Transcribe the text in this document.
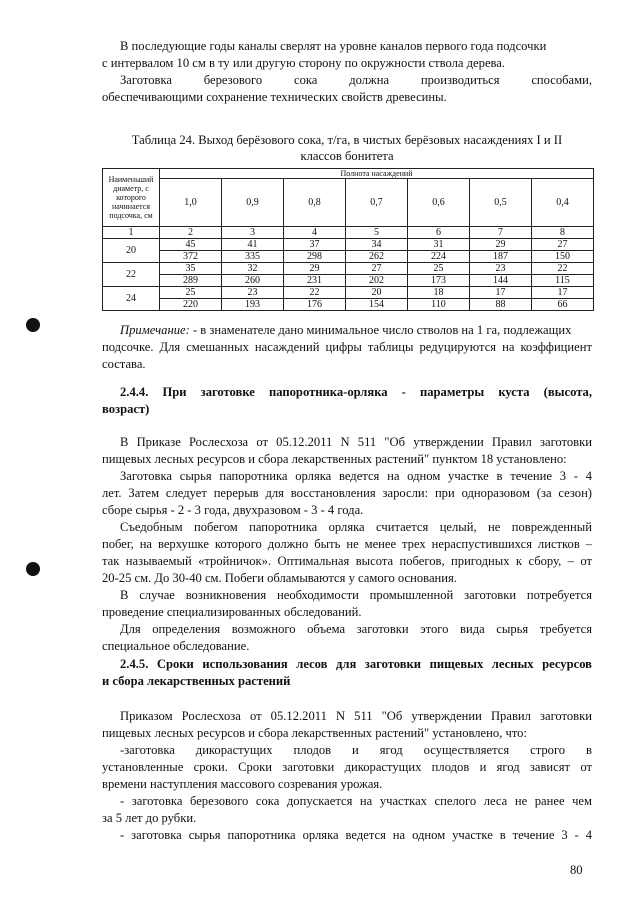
В последующие годы каналы сверлят на уровне каналов первого года подсочки

с интервалом 10 см в ту или другую сторону по окружности ствола дерева.

Заготовка березового сока должна производиться способами,

обеспечивающими сохранение технических свойств древесины.

Таблица 24. Выход берёзового сока, т/га, в чистых берёзовых насаждениях I и II
классов бонитета
Наименьший диаметр, с которого начинается подсочка, см	Полнота насаждений						
	1,0	0,9	0,8	0,7	0,6	0,5	0,4
1	2	3	4	5	6	7	8
20	45	41	37	34	31	29	27
	372	335	298	262	224	187	150
22	35	32	29	27	25	23	22
	289	260	231	202	173	144	115
24	25	23	22	20	18	17	17
	220	193	176	154	110	88	66

Примечание: - в знаменателе дано минимальное число стволов на 1 га, подлежащих

подсочке. Для смешанных насаждений цифры таблицы редуцируются на коэффициент

состава.

2.4.4. При заготовке папоротника-орляка - параметры куста (высота,

возраст)

В Приказе Рослесхоза от 05.12.2011 N 511 "Об утверждении Правил заготовки

пищевых лесных ресурсов и сбора лекарственных растений" пунктом 18 установлено:

Заготовка сырья папоротника орляка ведется на одном участке в течение 3 - 4

лет. Затем следует перерыв для восстановления заросли: при одноразовом (за сезон)

сборе сырья - 2 - 3 года, двухразовом - 3 - 4 года.

Съедобным побегом папоротника орляка считается целый, не поврежденный

побег, на верхушке которого должно быть не менее трех нераспустившихся листков –

так называемый «тройничок». Оптимальная высота побегов, пригодных к сбору, – от

20-25 см. До 30-40 см. Побеги обламываются у самого основания.

В случае возникновения необходимости промышленной заготовки потребуется

проведение специализированных обследований.

Для определения возможного объема заготовки этого вида сырья требуется

специальное обследование.

2.4.5. Сроки использования лесов для заготовки пищевых лесных ресурсов

и сбора лекарственных растений

Приказом Рослесхоза от 05.12.2011 N 511 "Об утверждении Правил заготовки

пищевых лесных ресурсов и сбора лекарственных растений" установлено, что:

-заготовка дикорастущих плодов и ягод осуществляется строго в

установленные сроки. Сроки заготовки дикорастущих плодов и ягод зависят от

времени наступления массового созревания урожая.

- заготовка березового сока допускается на участках спелого леса не ранее чем

за 5 лет до рубки.

- заготовка сырья папоротника орляка ведется на одном участке в течение 3 - 4

80
